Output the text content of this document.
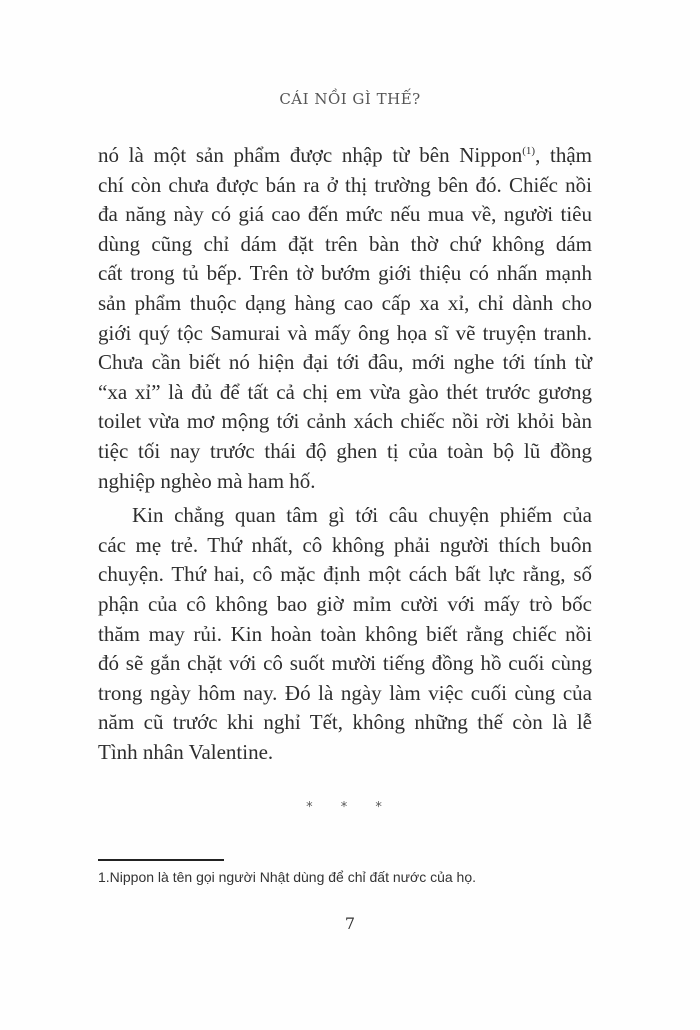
CÁI NỒI GÌ THẾ?
nó là một sản phẩm được nhập từ bên Nippon$^{(1)}$, thậm
chí còn chưa được bán ra ở thị trường bên đó. Chiếc nồi
đa năng này có giá cao đến mức nếu mua về, người tiêu
dùng cũng chỉ dám đặt trên bàn thờ chứ không dám
cất trong tủ bếp. Trên tờ bướm giới thiệu có nhấn mạnh
sản phẩm thuộc dạng hàng cao cấp xa xỉ, chỉ dành cho
giới quý tộc Samurai và mấy ông họa sĩ vẽ truyện tranh.
Chưa cần biết nó hiện đại tới đâu, mới nghe tới tính từ
“xa xỉ” là đủ để tất cả chị em vừa gào thét trước gương
toilet vừa mơ mộng tới cảnh xách chiếc nồi rời khỏi bàn
tiệc tối nay trước thái độ ghen tị của toàn bộ lũ đồng
nghiệp nghèo mà ham hố.
Kin chẳng quan tâm gì tới câu chuyện phiếm của
các mẹ trẻ. Thứ nhất, cô không phải người thích buôn
chuyện. Thứ hai, cô mặc định một cách bất lực rằng, số
phận của cô không bao giờ mỉm cười với mấy trò bốc
thăm may rủi. Kin hoàn toàn không biết rằng chiếc nồi
đó sẽ gắn chặt với cô suốt mười tiếng đồng hồ cuối cùng
trong ngày hôm nay. Đó là ngày làm việc cuối cùng của
năm cũ trước khi nghỉ Tết, không những thế còn là lễ
Tình nhân Valentine.
* * *
1.Nippon là tên gọi người Nhật dùng để chỉ đất nước của họ.
7
